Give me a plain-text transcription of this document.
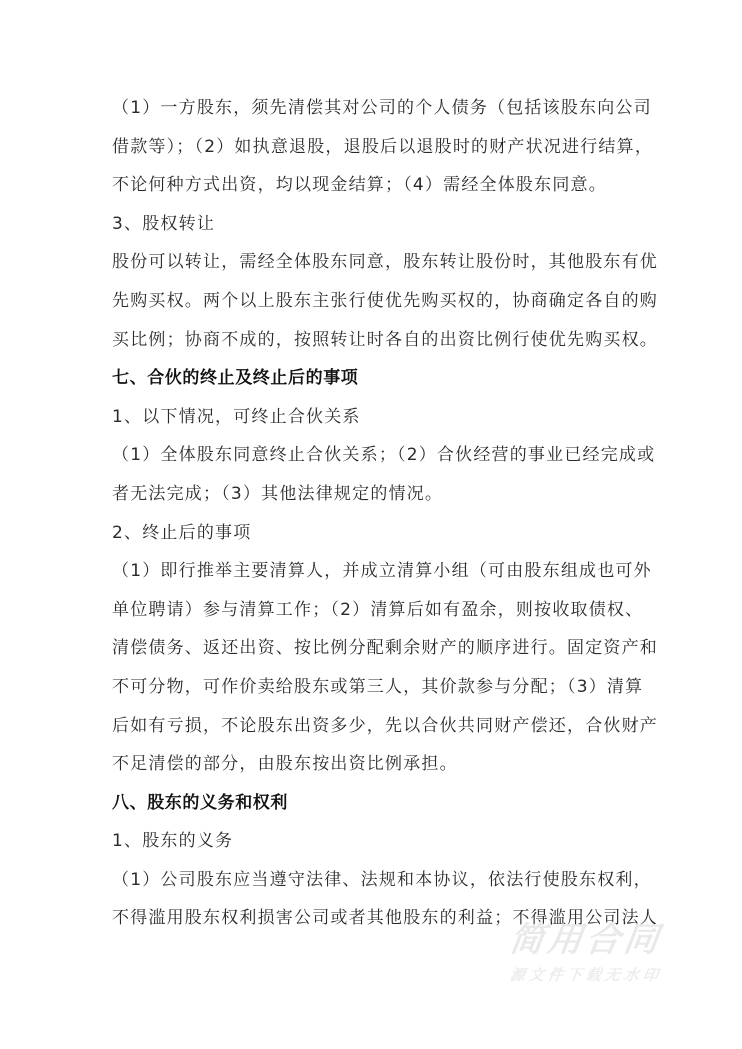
（1）一方股东，须先清偿其对公司的个人债务（包括该股东向公司
借款等）；（2）如执意退股，退股后以退股时的财产状况进行结算，
不论何种方式出资，均以现金结算；（4）需经全体股东同意。
3、股权转让
股份可以转让，需经全体股东同意，股东转让股份时，其他股东有优
先购买权。两个以上股东主张行使优先购买权的，协商确定各自的购
买比例；协商不成的，按照转让时各自的出资比例行使优先购买权。
七、合伙的终止及终止后的事项
1、以下情况，可终止合伙关系
（1）全体股东同意终止合伙关系；（2）合伙经营的事业已经完成或
者无法完成；（3）其他法律规定的情况。
2、终止后的事项
（1）即行推举主要清算人，并成立清算小组（可由股东组成也可外
单位聘请）参与清算工作；（2）清算后如有盈余，则按收取债权、
清偿债务、返还出资、按比例分配剩余财产的顺序进行。固定资产和
不可分物，可作价卖给股东或第三人，其价款参与分配；（3）清算
后如有亏损，不论股东出资多少，先以合伙共同财产偿还，合伙财产
不足清偿的部分，由股东按出资比例承担。
八、股东的义务和权利
1、股东的义务
（1）公司股东应当遵守法律、法规和本协议，依法行使股东权利，
不得滥用股东权利损害公司或者其他股东的利益；不得滥用公司法人
简用合同
源文件下载无水印
